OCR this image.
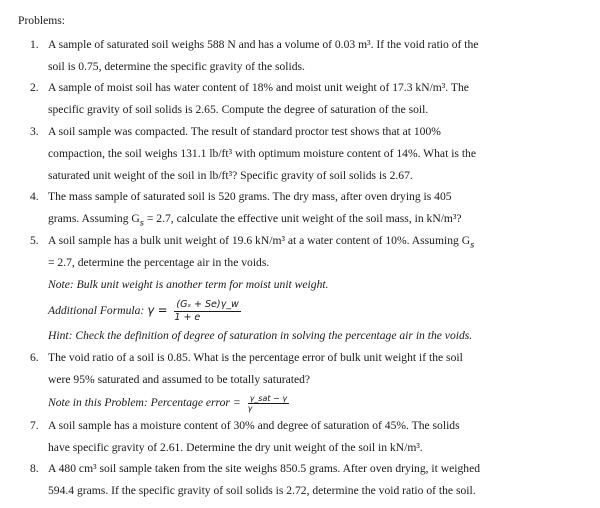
Problems:
1. A sample of saturated soil weighs 588 N and has a volume of 0.03 m³. If the void ratio of the
soil is 0.75, determine the specific gravity of the solids.
2. A sample of moist soil has water content of 18% and moist unit weight of 17.3 kN/m³. The
specific gravity of soil solids is 2.65. Compute the degree of saturation of the soil.
3. A soil sample was compacted. The result of standard proctor test shows that at 100%
compaction, the soil weighs 131.1 lb/ft³ with optimum moisture content of 14%. What is the
saturated unit weight of the soil in lb/ft³? Specific gravity of soil solids is 2.67.
4. The mass sample of saturated soil is 520 grams. The dry mass, after oven drying is 405
grams. Assuming $G_s = 2.7$, calculate the effective unit weight of the soil mass, in kN/m³?
5. A soil sample has a bulk unit weight of 19.6 kN/m³ at a water content of 10%. Assuming $G_s$
= 2.7, determine the percentage air in the voids.
Note: Bulk unit weight is another term for moist unit weight.
Additional Formula: $\gamma = \frac{\text{(Gₛ + Se)γ\_w}}{1 + e}$
Hint: Check the definition of degree of saturation in solving the percentage air in the voids.
6. The void ratio of a soil is 0.85. What is the percentage error of bulk unit weight if the soil
were 95% saturated and assumed to be totally saturated?
Note in this Problem: Percentage error = $\frac{\text{γ\_sat − γ}}{\gamma}$
7. A soil sample has a moisture content of 30% and degree of saturation of 45%. The solids
have specific gravity of 2.61. Determine the dry unit weight of the soil in kN/m³.
8. A 480 cm³ soil sample taken from the site weighs 850.5 grams. After oven drying, it weighed
594.4 grams. If the specific gravity of soil solids is 2.72, determine the void ratio of the soil.
